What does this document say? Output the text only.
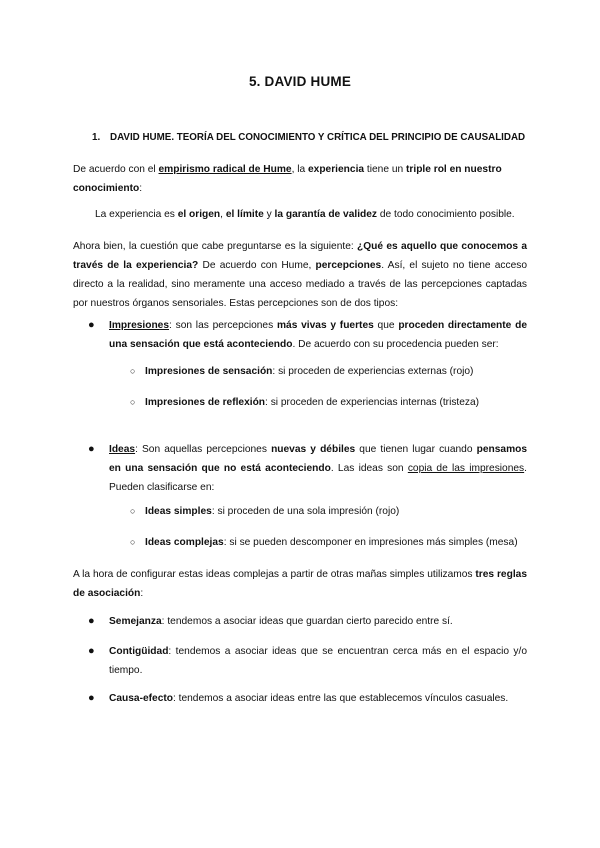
5. DAVID HUME
1. DAVID HUME. TEORÍA DEL CONOCIMIENTO Y CRÍTICA DEL PRINCIPIO DE CAUSALIDAD

De acuerdo con el empirismo radical de Hume, la experiencia tiene un triple rol en nuestro conocimiento:

La experiencia es el origen, el límite y la garantía de validez de todo conocimiento posible.

Ahora bien, la cuestión que cabe preguntarse es la siguiente: ¿Qué es aquello que conocemos a través de la experiencia? De acuerdo con Hume, percepciones. Así, el sujeto no tiene acceso directo a la realidad, sino meramente una acceso mediado a través de las percepciones captadas por nuestros órganos sensoriales. Estas percepciones son de dos tipos:

● Impresiones: son las percepciones más vivas y fuertes que proceden directamente de una sensación que está aconteciendo. De acuerdo con su procedencia pueden ser:

○ Impresiones de sensación: si proceden de experiencias externas (rojo)

○ Impresiones de reflexión: si proceden de experiencias internas (tristeza)

● Ideas: Son aquellas percepciones nuevas y débiles que tienen lugar cuando pensamos en una sensación que no está aconteciendo. Las ideas son copia de las impresiones. Pueden clasificarse en:

○ Ideas simples: si proceden de una sola impresión (rojo)

○ Ideas complejas: si se pueden descomponer en impresiones más simples (mesa)

A la hora de configurar estas ideas complejas a partir de otras mañas simples utilizamos tres reglas de asociación:

● Semejanza: tendemos a asociar ideas que guardan cierto parecido entre sí.

● Contigüidad: tendemos a asociar ideas que se encuentran cerca más en el espacio y/o tiempo.

● Causa-efecto: tendemos a asociar ideas entre las que establecemos vínculos casuales.
